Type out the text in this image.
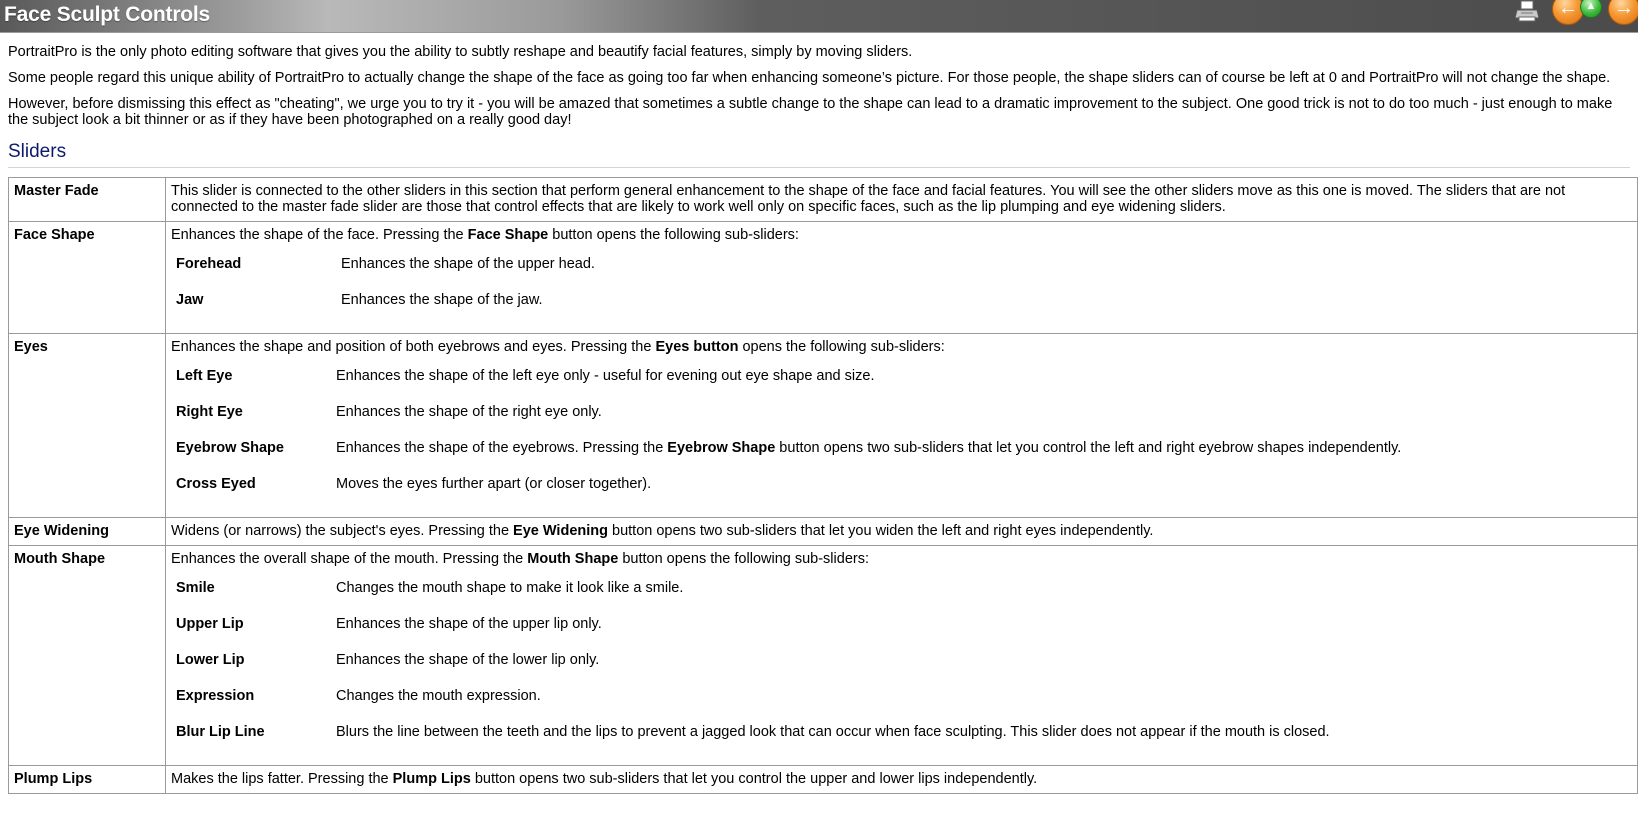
Face Sculpt Controls	← ▲ →

PortraitPro is the only photo editing software that gives you the ability to subtly reshape and beautify facial features, simply by moving sliders.

Some people regard this unique ability of PortraitPro to actually change the shape of the face as going too far when enhancing someone’s picture. For those people, the shape sliders can of course be left at 0 and PortraitPro will not change the shape.

However, before dismissing this effect as "cheating", we urge you to try it - you will be amazed that sometimes a subtle change to the shape can lead to a dramatic improvement to the subject. One good trick is not to do too much - just enough to make the subject look a bit thinner or as if they have been photographed on a really good day!

Sliders
Master Fade	This slider is connected to the other sliders in this section that perform general enhancement to the shape of the face and facial features. You will see the other sliders move as this one is moved. The sliders that are not connected to the master fade slider are those that control effects that are likely to work well only on specific faces, such as the lip plumping and eye widening sliders.
Face Shape	Enhances the shape of the face. Pressing the Face Shape button opens the following sub-sliders:
Forehead	Enhances the shape of the upper head.
Jaw	Enhances the shape of the jaw.

Eyes	Enhances the shape and position of both eyebrows and eyes. Pressing the Eyes button opens the following sub-sliders:
Left Eye	Enhances the shape of the left eye only - useful for evening out eye shape and size.
Right Eye	Enhances the shape of the right eye only.
Eyebrow Shape	Enhances the shape of the eyebrows. Pressing the Eyebrow Shape button opens two sub-sliders that let you control the left and right eyebrow shapes independently.
Cross Eyed	Moves the eyes further apart (or closer together).

Eye Widening	Widens (or narrows) the subject's eyes. Pressing the Eye Widening button opens two sub-sliders that let you widen the left and right eyes independently.
Mouth Shape	Enhances the overall shape of the mouth. Pressing the Mouth Shape button opens the following sub-sliders:
Smile	Changes the mouth shape to make it look like a smile.
Upper Lip	Enhances the shape of the upper lip only.
Lower Lip	Enhances the shape of the lower lip only.
Expression	Changes the mouth expression.
Blur Lip Line	Blurs the line between the teeth and the lips to prevent a jagged look that can occur when face sculpting. This slider does not appear if the mouth is closed.

Plump Lips	Makes the lips fatter. Pressing the Plump Lips button opens two sub-sliders that let you control the upper and lower lips independently.
